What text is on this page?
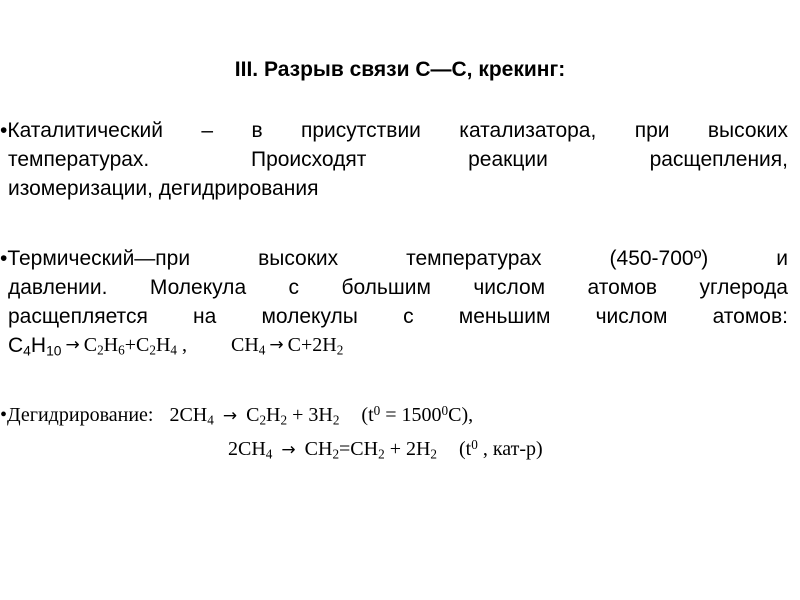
III. Разрыв связи С—С, крекинг:
•Каталитический – в присутствии катализатора, при высоких
температурах.	Происходят	реакции	расщепления,
изомеризации, дегидрирования
•Термический—при	высоких	температурах	(450-700º)	и
давлении. Молекула с большим числом атомов углерода
расщепляется на молекулы с меньшим числом атомов:
$C_4H_{10} \to C_2H_6+C_2H_4$ , $CH_4 \to C+2H_2$
•Дегидрирование: $2CH_4 \to C_2H_2 + 3H_2$ $(t^0 = 1500^0C)$,
$2CH_4 \to CH_2=CH_2 + 2H_2$ ($t^0$ , кат-р)
